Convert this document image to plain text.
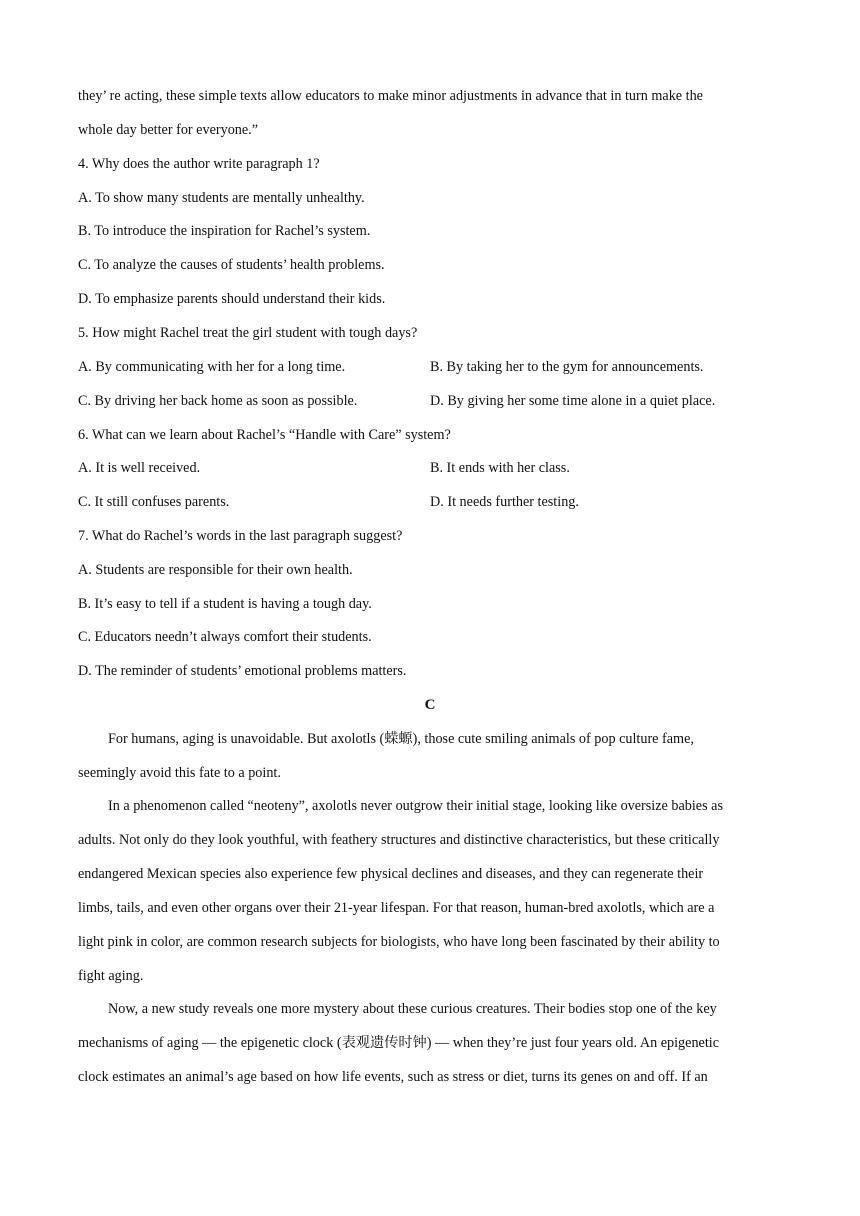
they’ re acting, these simple texts allow educators to make minor adjustments in advance that in turn make the
whole day better for everyone.”
4. Why does the author write paragraph 1?
A. To show many students are mentally unhealthy.
B. To introduce the inspiration for Rachel’s system.
C. To analyze the causes of students’ health problems.
D. To emphasize parents should understand their kids.
5. How might Rachel treat the girl student with tough days?
A. By communicating with her for a long time.	B. By taking her to the gym for announcements.
C. By driving her back home as soon as possible.	D. By giving her some time alone in a quiet place.
6. What can we learn about Rachel’s “Handle with Care” system?
A. It is well received.	B. It ends with her class.
C. It still confuses parents.	D. It needs further testing.
7. What do Rachel’s words in the last paragraph suggest?
A. Students are responsible for their own health.
B. It’s easy to tell if a student is having a tough day.
C. Educators needn’t always comfort their students.
D. The reminder of students’ emotional problems matters.
C
For humans, aging is unavoidable. But axolotls (蝾螈), those cute smiling animals of pop culture fame,
seemingly avoid this fate to a point.
In a phenomenon called “neoteny”, axolotls never outgrow their initial stage, looking like oversize babies as
adults. Not only do they look youthful, with feathery structures and distinctive characteristics, but these critically
endangered Mexican species also experience few physical declines and diseases, and they can regenerate their
limbs, tails, and even other organs over their 21-year lifespan. For that reason, human-bred axolotls, which are a
light pink in color, are common research subjects for biologists, who have long been fascinated by their ability to
fight aging.
Now, a new study reveals one more mystery about these curious creatures. Their bodies stop one of the key
mechanisms of aging — the epigenetic clock (表观遗传时钟) — when they’re just four years old. An epigenetic
clock estimates an animal’s age based on how life events, such as stress or diet, turns its genes on and off. If an
